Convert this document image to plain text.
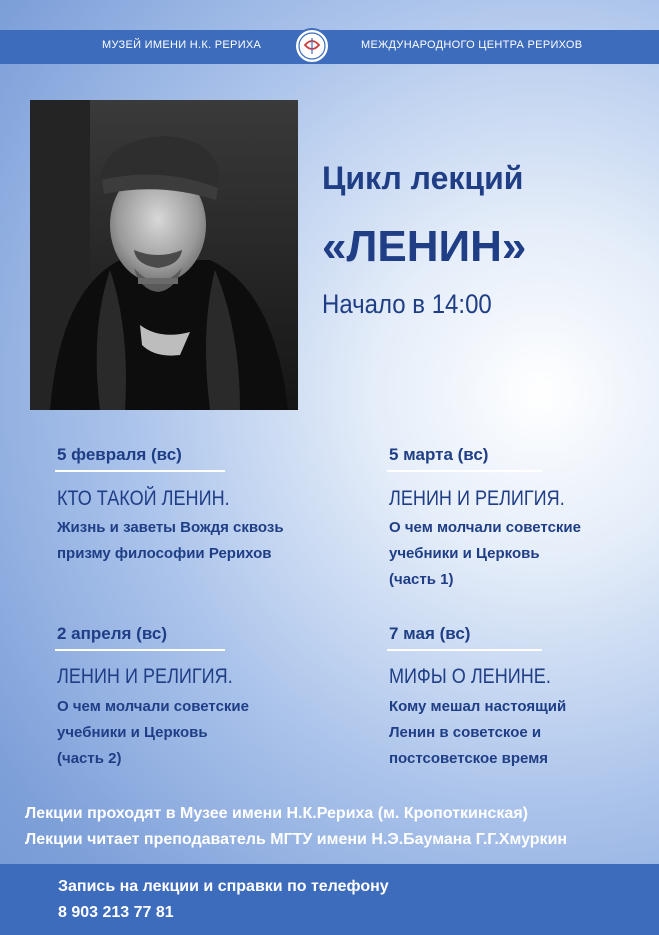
МУЗЕЙ ИМЕНИ Н.К. РЕРИХА	МЕЖДУНАРОДНОГО ЦЕНТРА РЕРИХОВ
Цикл лекций
«ЛЕНИН»
Начало в 14:00
5 февраля (вс)
КТО ТАКОЙ ЛЕНИН.
Жизнь и заветы Вождя сквозь
призму философии Рерихов
5 марта (вс)
ЛЕНИН И РЕЛИГИЯ.
О чем молчали советские
учебники и Церковь
(часть 1)
2 апреля (вс)
ЛЕНИН И РЕЛИГИЯ.
О чем молчали советские
учебники и Церковь
(часть 2)
7 мая (вс)
МИФЫ О ЛЕНИНЕ.
Кому мешал настоящий
Ленин в советское и
постсоветское время
Лекции проходят в Музее имени Н.К.Рериха (м. Кропоткинская)
Лекции читает преподаватель МГТУ имени Н.Э.Баумана Г.Г.Хмуркин
Запись на лекции и справки по телефону
8 903 213 77 81
